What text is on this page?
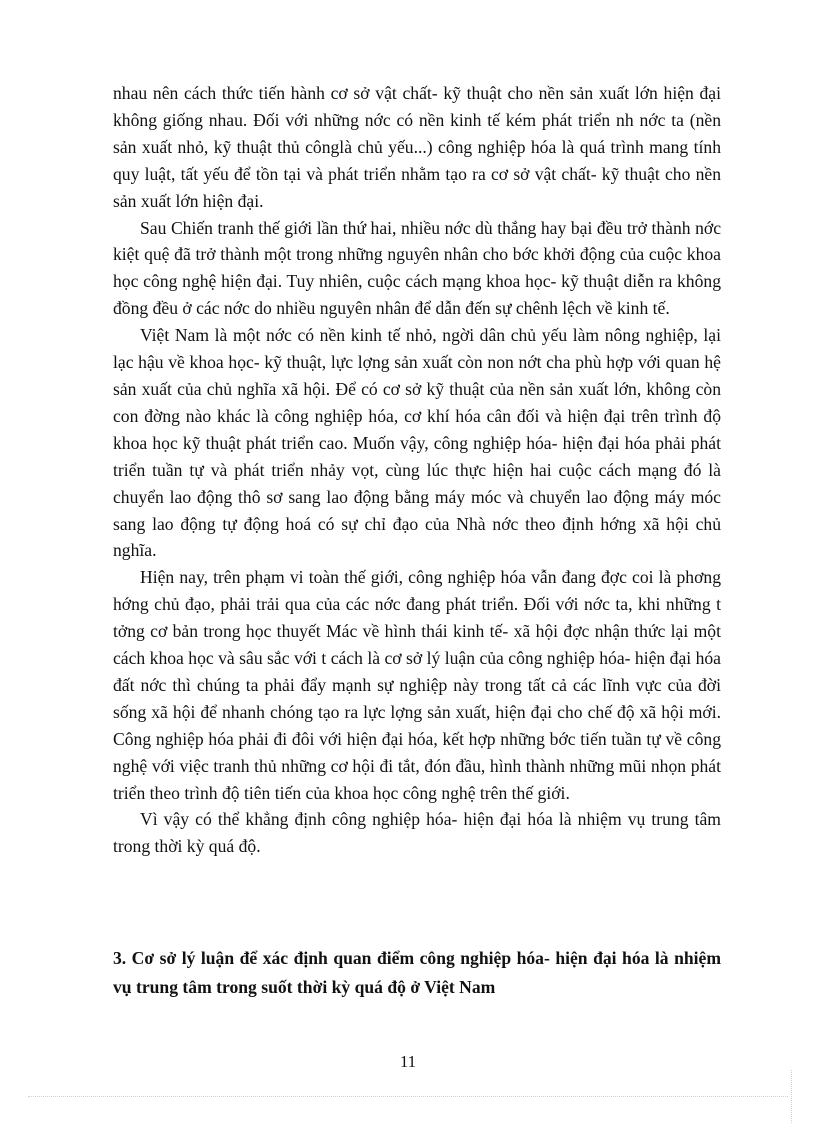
nhau nên cách thức tiến hành cơ sở vật chất- kỹ thuật cho nền sản xuất lớn hiện đại không giống nhau. Đối với những nớc có nền kinh tế kém phát triển nh nớc ta (nền sản xuất nhỏ, kỹ thuật thủ cônglà chủ yếu...) công nghiệp hóa là quá trình mang tính quy luật, tất yếu để tồn tại và phát triển nhằm tạo ra cơ sở vật chất- kỹ thuật cho nền sản xuất lớn hiện đại.

Sau Chiến tranh thế giới lần thứ hai, nhiều nớc dù thắng hay bại đều trở thành nớc kiệt quệ đã trở thành một trong những nguyên nhân cho bớc khởi động của cuộc khoa học công nghệ hiện đại. Tuy nhiên, cuộc cách mạng khoa học- kỹ thuật diễn ra không đồng đều ở các nớc do nhiều nguyên nhân để dẫn đến sự chênh lệch về kinh tế.

Việt Nam là một nớc có nền kinh tế nhỏ, ngời dân chủ yếu làm nông nghiệp, lại lạc hậu về khoa học- kỹ thuật, lực lợng sản xuất còn non nớt cha phù hợp với quan hệ sản xuất của chủ nghĩa xã hội. Để có cơ sở kỹ thuật của nền sản xuất lớn, không còn con đờng nào khác là công nghiệp hóa, cơ khí hóa cân đối và hiện đại trên trình độ khoa học kỹ thuật phát triển cao. Muốn vậy, công nghiệp hóa- hiện đại hóa phải phát triển tuần tự và phát triển nhảy vọt, cùng lúc thực hiện hai cuộc cách mạng đó là chuyển lao động thô sơ sang lao động bằng máy móc và chuyển lao động máy móc sang lao động tự động hoá có sự chỉ đạo của Nhà nớc theo định hớng xã hội chủ nghĩa.

Hiện nay, trên phạm vi toàn thế giới, công nghiệp hóa vẫn đang đợc coi là phơng hớng chủ đạo, phải trải qua của các nớc đang phát triển. Đối với nớc ta, khi những t tởng cơ bản trong học thuyết Mác về hình thái kinh tế- xã hội đợc nhận thức lại một cách khoa học và sâu sắc với t cách là cơ sở lý luận của công nghiệp hóa- hiện đại hóa đất nớc thì chúng ta phải đẩy mạnh sự nghiệp này trong tất cả các lĩnh vực của đời sống xã hội để nhanh chóng tạo ra lực lợng sản xuất, hiện đại cho chế độ xã hội mới. Công nghiệp hóa phải đi đôi với hiện đại hóa, kết hợp những bớc tiến tuần tự về công nghệ với việc tranh thủ những cơ hội đi tắt, đón đầu, hình thành những mũi nhọn phát triển theo trình độ tiên tiến của khoa học công nghệ trên thế giới.

Vì vậy có thể khẳng định công nghiệp hóa- hiện đại hóa là nhiệm vụ trung tâm trong thời kỳ quá độ.

3. Cơ sở lý luận để xác định quan điểm công nghiệp hóa- hiện đại hóa là nhiệm vụ trung tâm trong suốt thời kỳ quá độ ở Việt Nam
11
